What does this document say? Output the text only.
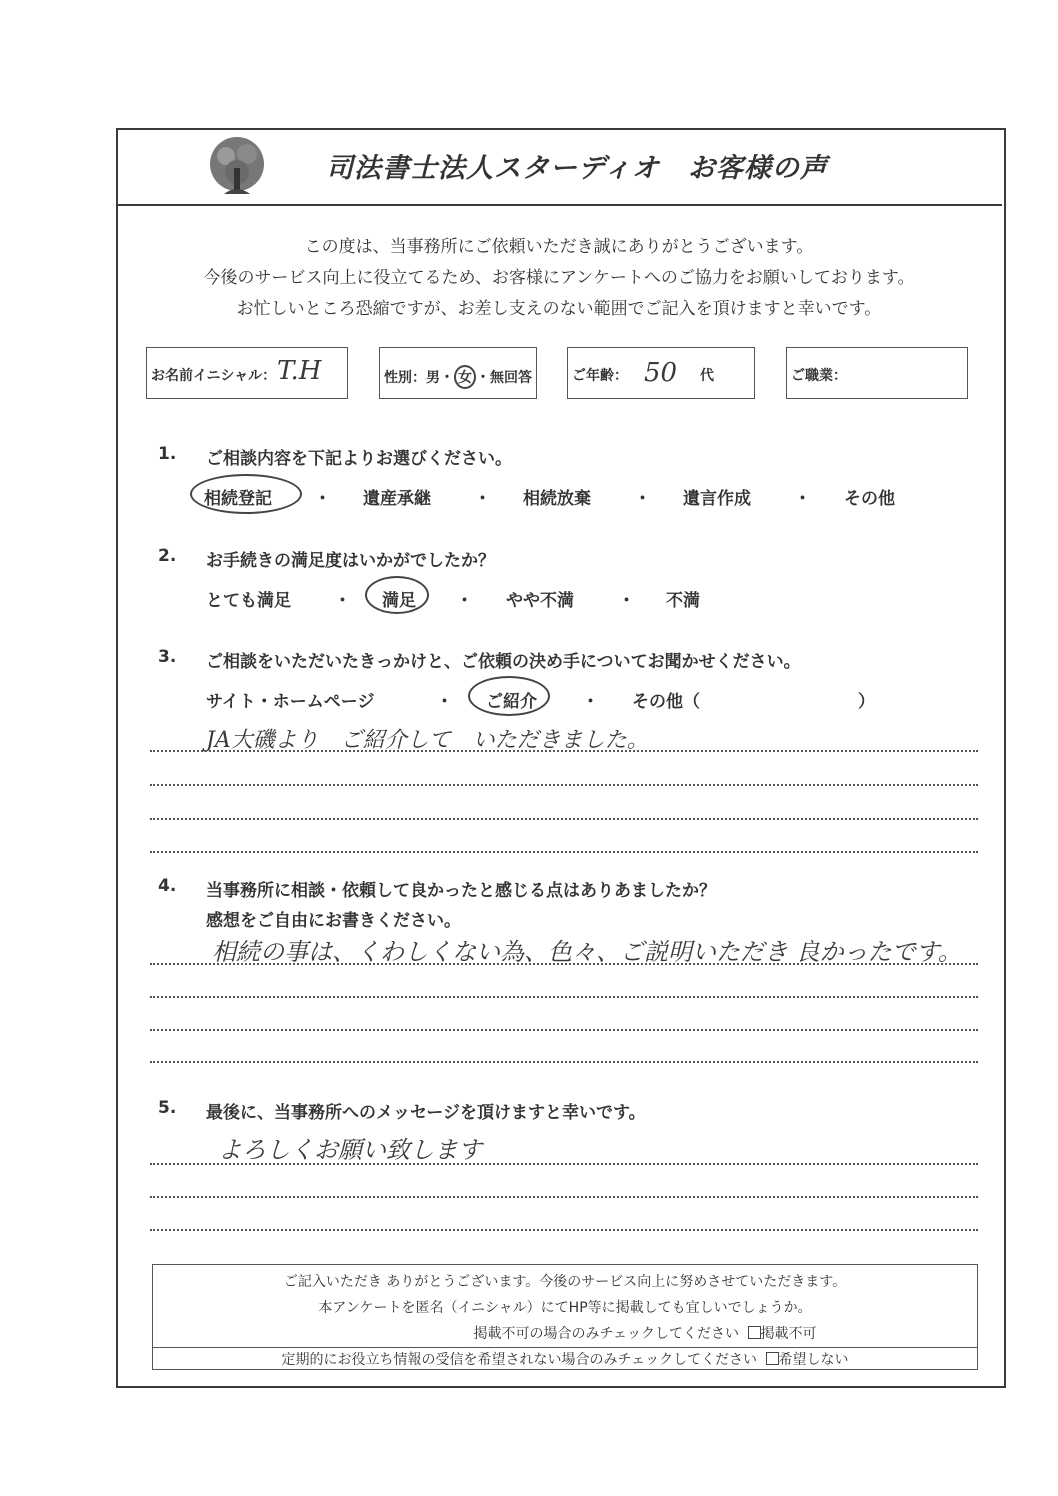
司法書士法人スターディオ　お客様の声
この度は、当事務所にご依頼いただき誠にありがとうございます。
今後のサービス向上に役立てるため、お客様にアンケートへのご協力をお願いしております。
お忙しいところ恐縮ですが、お差し支えのない範囲でご記入を頂けますと幸いです。
お名前イニシャル： T.H	性別：男・ 女 ・無回答	ご年齢： 50 代	ご職業：
1. ご相談内容を下記よりお選びください。
相続登記 ・ 遺産承継	・ 相続放棄	・ 遺言作成	・ その他
2. お手続きの満足度はいかがでしたか？
とても満足	・ 満足 ・ やや不満	・ 不満
3. ご相談をいただいたきっかけと、ご依頼の決め手についてお聞かせください。
サイト・ホームページ	・ ご紹介	・ その他（	）
JA大磯より　ご紹介して　いただきました。
4. 当事務所に相談・依頼して良かったと感じる点はありあましたか？
感想をご自由にお書きください。
相続の事は、くわしくない為、色々、ご説明いただき 良かったです。
5. 最後に、当事務所へのメッセージを頂けますと幸いです。
よろしくお願い致します
ご記入いただき ありがとうございます。今後のサービス向上に努めさせていただきます。
本アンケートを匿名（イニシャル）にてHP等に掲載しても宜しいでしょうか。
掲載不可の場合のみチェックしてください 掲載不可
定期的にお役立ち情報の受信を希望されない場合のみチェックしてください 希望しない
